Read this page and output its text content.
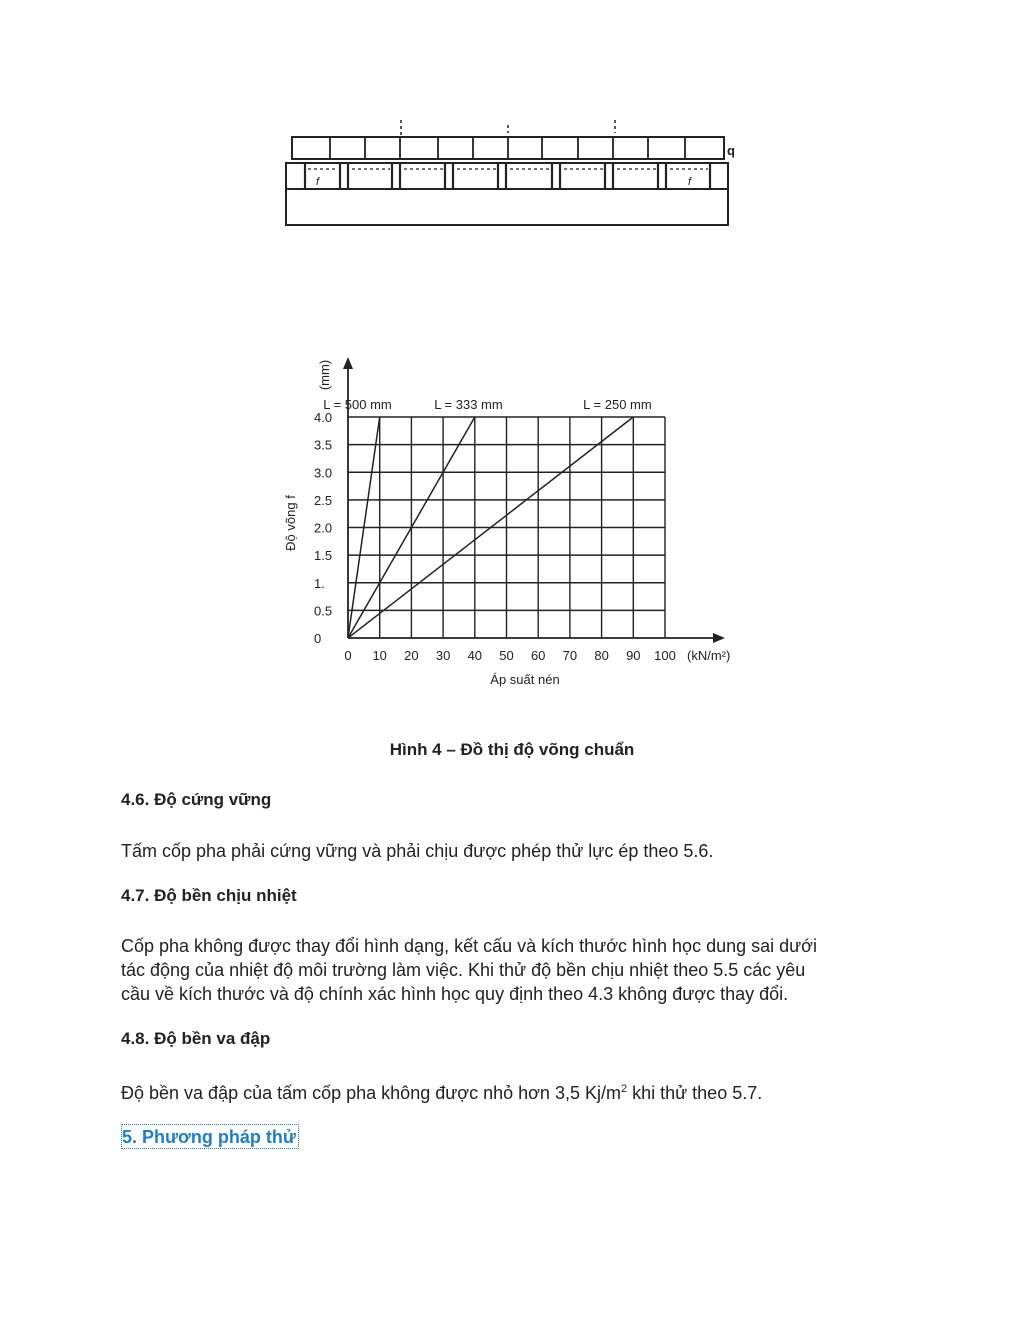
q
f	f
0 10 20 30 40 50 60 70 80 90 100
0
0.5
1.
1.5
2.0
2.5
3.0
3.5
4.0
L = 500 mm	L = 333 mm	L = 250 mm
(kN/m²)
Áp suất nén
(mm)
Độ võng f
Hình 4 – Đồ thị độ võng chuẩn
4.6. Độ cứng vững
Tấm cốp pha phải cứng vững và phải chịu được phép thử lực ép theo 5.6.
4.7. Độ bền chịu nhiệt
Cốp pha không được thay đổi hình dạng, kết cấu và kích thước hình học dung sai dưới
tác động của nhiệt độ môi trường làm việc. Khi thử độ bền chịu nhiệt theo 5.5 các yêu
cầu về kích thước và độ chính xác hình học quy định theo 4.3 không được thay đổi.
4.8. Độ bền va đập
Độ bền va đập của tấm cốp pha không được nhỏ hơn 3,5 $Kj/m^2$ khi thử theo 5.7.
5. Phương pháp thử
